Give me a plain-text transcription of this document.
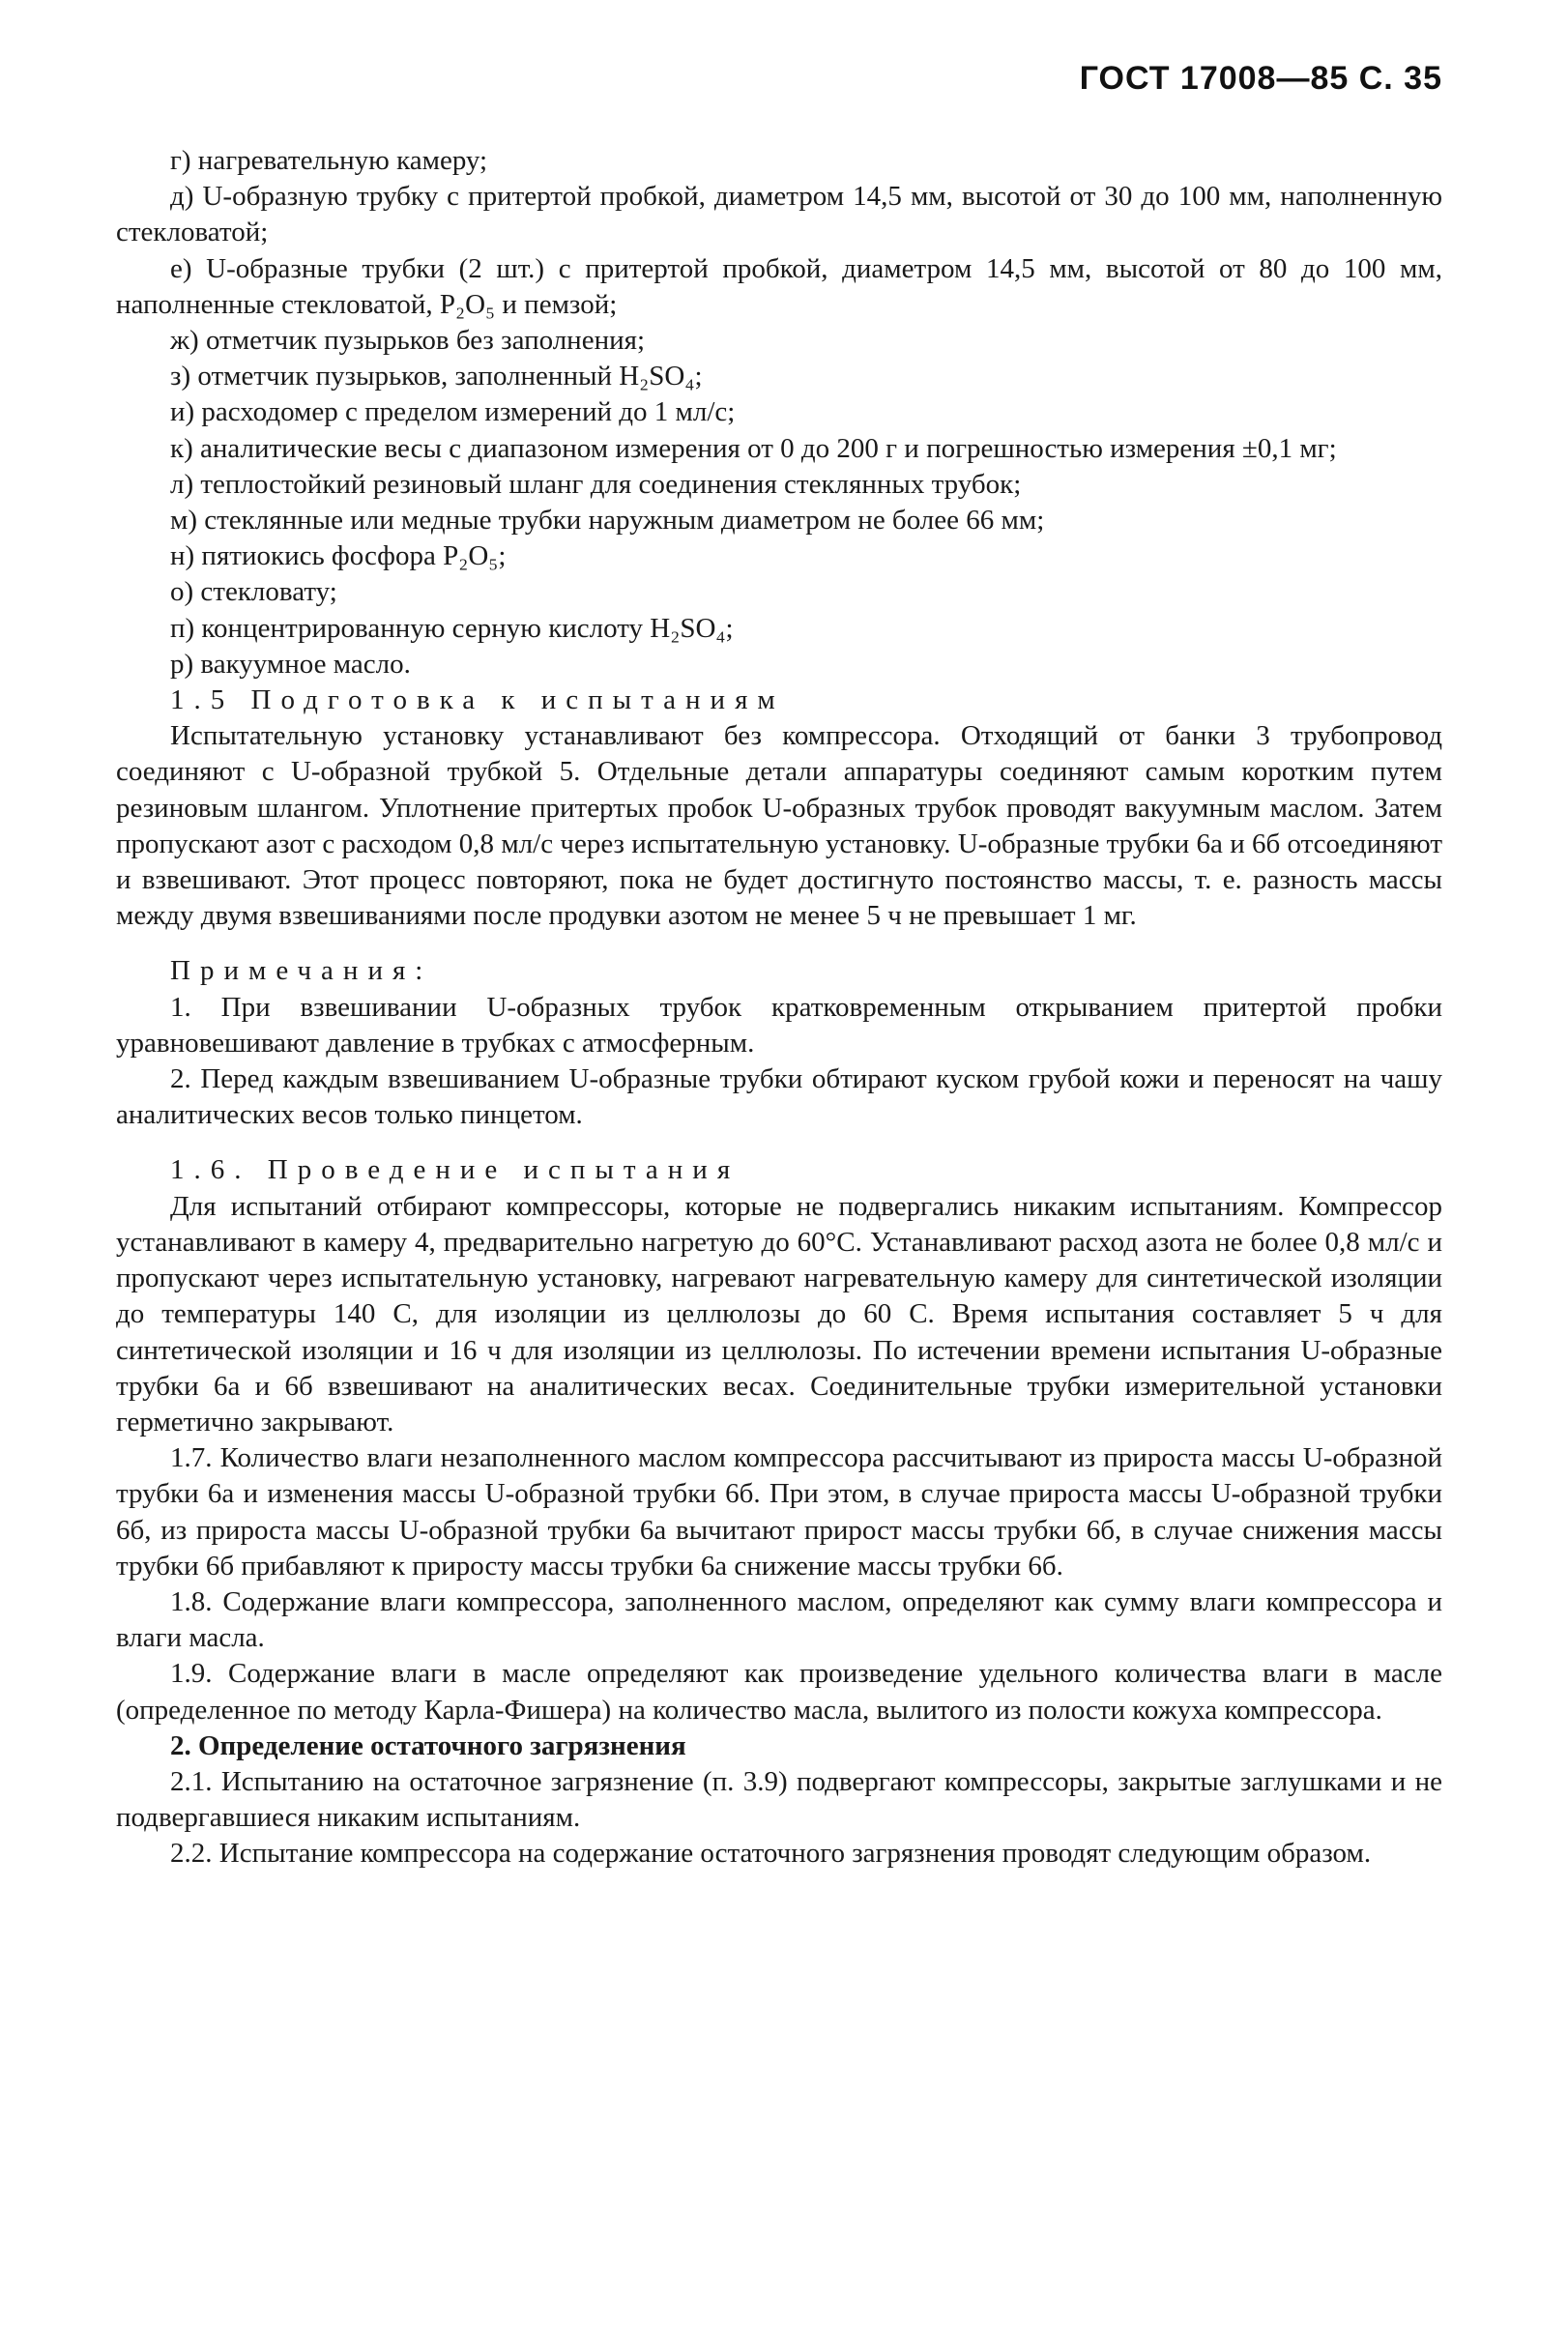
ГОСТ 17008—85 С. 35

г) нагревательную камеру;

д) U-образную трубку с притертой пробкой, диаметром 14,5 мм, высотой от 30 до 100 мм, наполненную стекловатой;

е) U-образные трубки (2 шт.) с притертой пробкой, диаметром 14,5 мм, высотой от 80 до 100 мм, наполненные стекловатой, P₂O₅ и пемзой;

ж) отметчик пузырьков без заполнения;

з) отметчик пузырьков, заполненный H₂SO₄;

и) расходомер с пределом измерений до 1 мл/с;

к) аналитические весы с диапазоном измерения от 0 до 200 г и погрешностью измерения ±0,1 мг;

л) теплостойкий резиновый шланг для соединения стеклянных трубок;

м) стеклянные или медные трубки наружным диаметром не более 66 мм;

н) пятиокись фосфора P₂O₅;

о) стекловату;

п) концентрированную серную кислоту H₂SO₄;

р) вакуумное масло.

1.5 Подготовка к испытаниям

Испытательную установку устанавливают без компрессора. Отходящий от банки 3 трубопровод соединяют с U-образной трубкой 5. Отдельные детали аппаратуры соединяют самым коротким путем резиновым шлангом. Уплотнение притертых пробок U-образных трубок проводят вакуумным маслом. Затем пропускают азот с расходом 0,8 мл/с через испытательную установку. U-образные трубки 6а и 6б отсоединяют и взвешивают. Этот процесс повторяют, пока не будет достигнуто постоянство массы, т. е. разность массы между двумя взвешиваниями после продувки азотом не менее 5 ч не превышает 1 мг.

Примечания:

1. При взвешивании U-образных трубок кратковременным открыванием притертой пробки уравновешивают давление в трубках с атмосферным.

2. Перед каждым взвешиванием U-образные трубки обтирают куском грубой кожи и переносят на чашу аналитических весов только пинцетом.

1.6. Проведение испытания

Для испытаний отбирают компрессоры, которые не подвергались никаким испытаниям. Компрессор устанавливают в камеру 4, предварительно нагретую до 60°С. Устанавливают расход азота не более 0,8 мл/с и пропускают через испытательную установку, нагревают нагревательную камеру для синтетической изоляции до температуры 140 С, для изоляции из целлюлозы до 60 С. Время испытания составляет 5 ч для синтетической изоляции и 16 ч для изоляции из целлюлозы. По истечении времени испытания U-образные трубки 6а и 6б взвешивают на аналитических весах. Соединительные трубки измерительной установки герметично закрывают.

1.7. Количество влаги незаполненного маслом компрессора рассчитывают из прироста массы U-образной трубки 6а и изменения массы U-образной трубки 6б. При этом, в случае прироста массы U-образной трубки 6б, из прироста массы U-образной трубки 6а вычитают прирост массы трубки 6б, в случае снижения массы трубки 6б прибавляют к приросту массы трубки 6а снижение массы трубки 6б.

1.8. Содержание влаги компрессора, заполненного маслом, определяют как сумму влаги компрессора и влаги масла.

1.9. Содержание влаги в масле определяют как произведение удельного количества влаги в масле (определенное по методу Карла-Фишера) на количество масла, вылитого из полости кожуха компрессора.

2. Определение остаточного загрязнения

2.1. Испытанию на остаточное загрязнение (п. 3.9) подвергают компрессоры, закрытые заглушками и не подвергавшиеся никаким испытаниям.

2.2. Испытание компрессора на содержание остаточного загрязнения проводят следующим образом.
